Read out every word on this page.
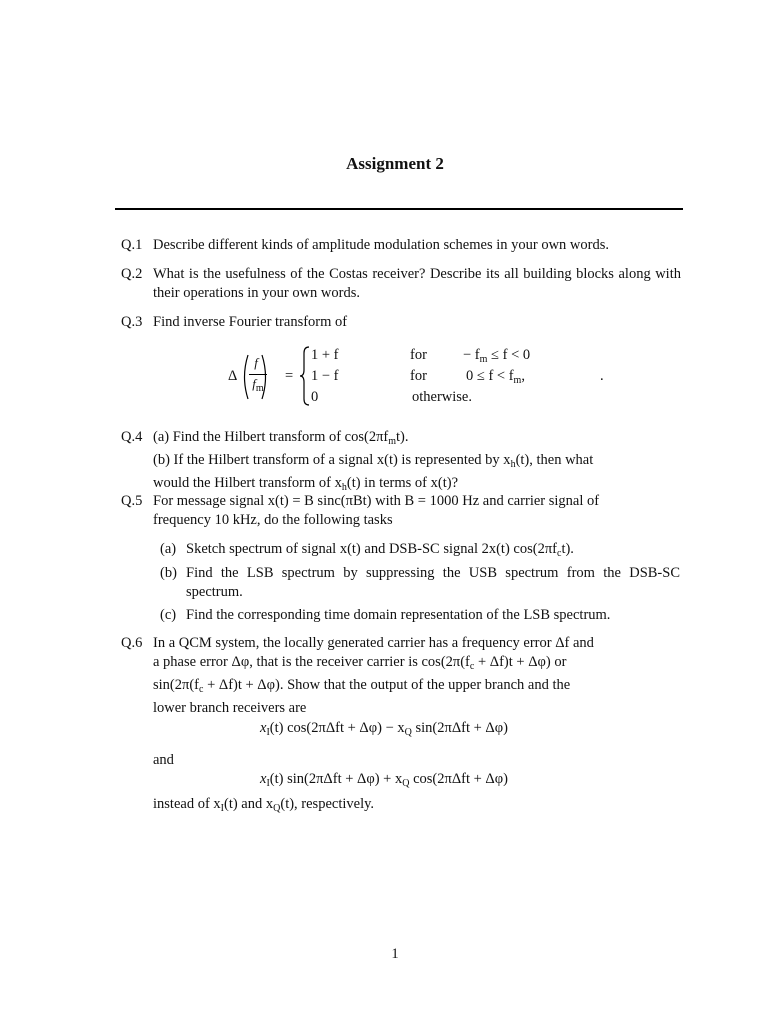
Assignment 2
Q.1 Describe different kinds of amplitude modulation schemes in your own words.

Q.2 What is the usefulness of the Costas receiver? Describe its all building blocks along with their operations in your own words.

Q.3 Find inverse Fourier transform of

Δ
f
$f_m$
=
1 + f	for − $f_m \le f < 0$
1 − f	for	$0 \le f < f_m$,	.
0	otherwise.
Q.4 (a) Find the Hilbert transform of $\cos(2\pi f_mt)$.

(b) If the Hilbert transform of a signal x(t) is represented by $x_h(t)$, then what

would the Hilbert transform of $x_h(t)$ in terms of x(t)?

Q.5 For message signal x(t) = B sinc(πBt) with B = 1000 Hz and carrier signal of

frequency 10 kHz, do the following tasks

(a) Sketch spectrum of signal x(t) and DSB-SC signal 2x(t) $\cos(2\pi f_ct)$.
(b) Find the LSB spectrum by suppressing the USB spectrum from the DSB-SC spectrum.
(c) Find the corresponding time domain representation of the LSB spectrum.
Q.6 In a QCM system, the locally generated carrier has a frequency error Δf and

a phase error Δφ, that is the receiver carrier is $\cos(2\pi(f_c + \Delta f)t + \Delta\varphi)$ or

$\sin(2\pi(f_c + \Delta f)t + \Delta\varphi)$. Show that the output of the upper branch and the

lower branch receivers are

$x_I(t) \cos(2\pi\Delta ft + \Delta\varphi) - x_Q$ sin(2πΔft + Δφ)

and

$x_I(t) \sin(2\pi\Delta ft + \Delta\varphi) + x_Q$ cos(2πΔft + Δφ)

instead of $x_I(t)$ and $x_Q(t)$, respectively.

1
